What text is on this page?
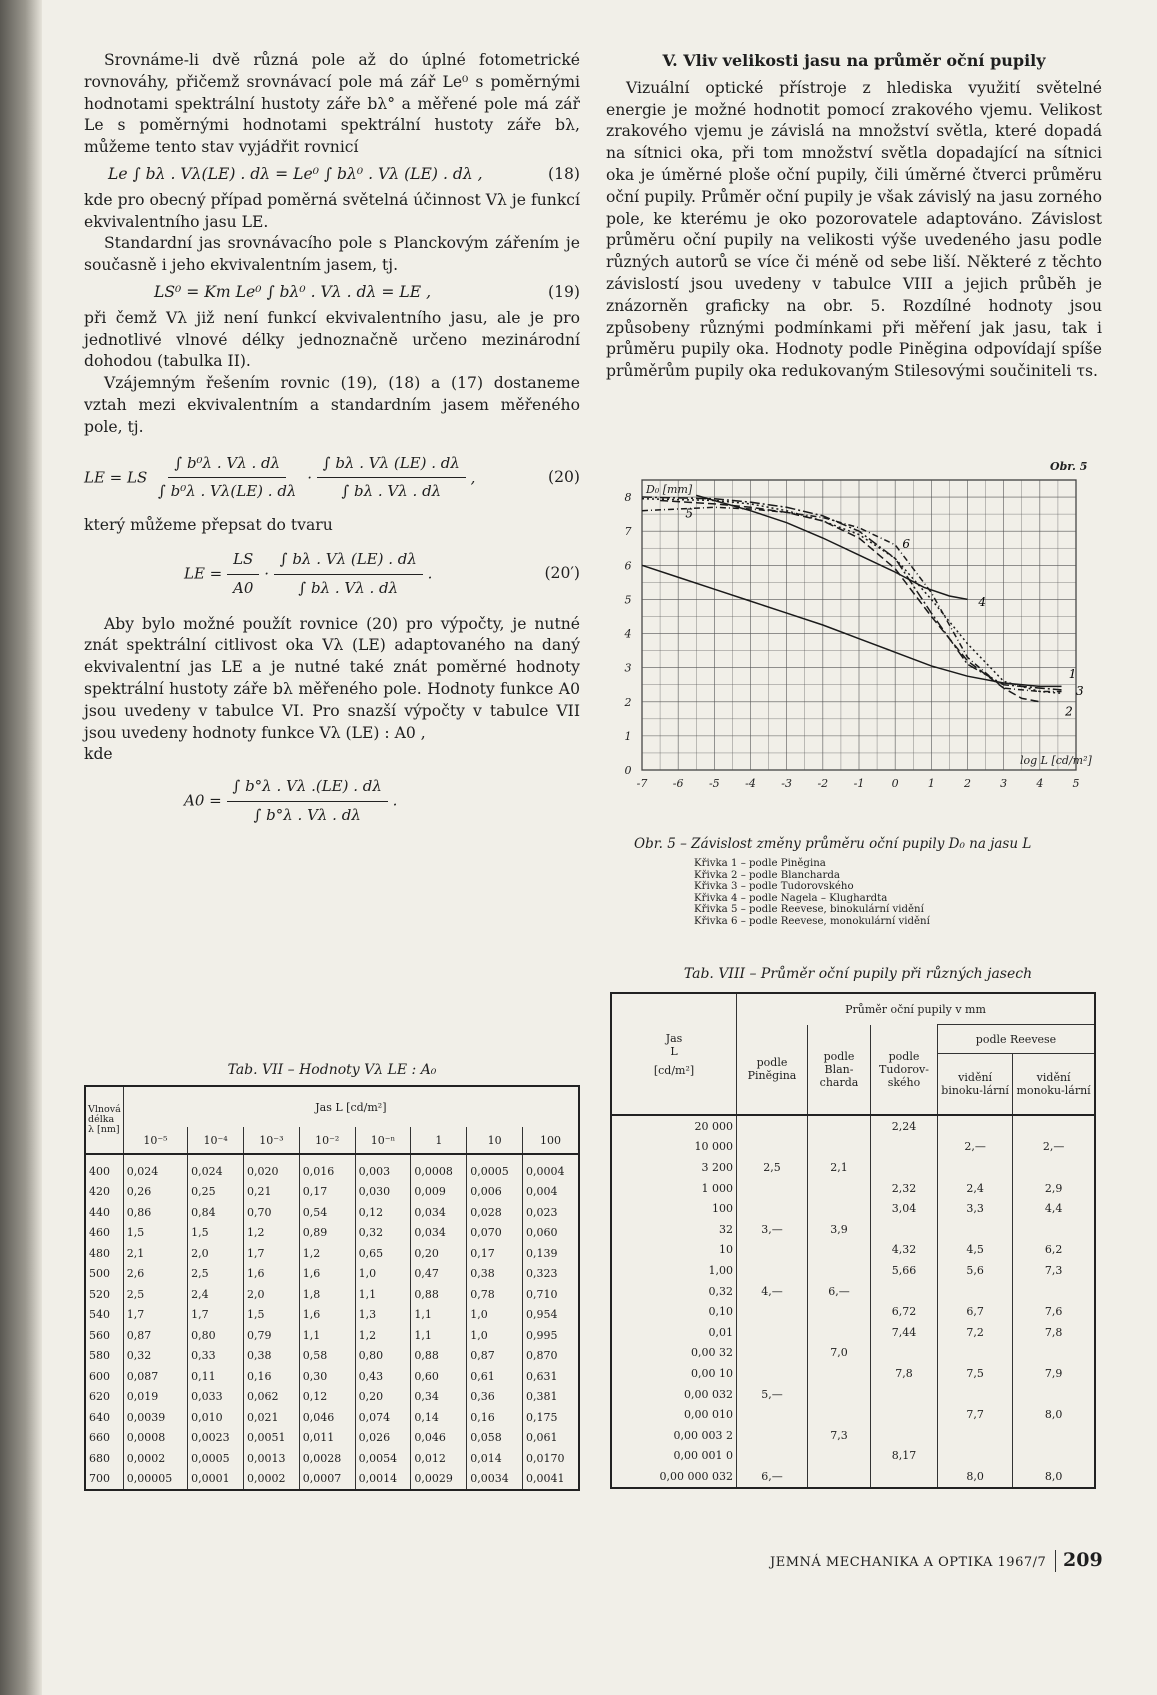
Srovnáme-li dvě různá pole až do úplné fotometrické rovnováhy, přičemž srovnávací pole má zář Le⁰ s poměrnými hodnotami spektrální hustoty záře bλ° a měřené pole má zář Le s poměrnými hodnotami spektrální hustoty záře bλ, můžeme tento stav vyjádřit rovnicí

Le ∫ bλ . Vλ(LE) . dλ = Le⁰ ∫ bλ⁰ . Vλ (LE) . dλ ,	(18)

kde pro obecný případ poměrná světelná účinnost Vλ je funkcí ekvivalentního jasu LE.

Standardní jas srovnávacího pole s Planckovým zářením je současně i jeho ekvivalentním jasem, tj.

LS⁰ = Km Le⁰ ∫ bλ⁰ . Vλ . dλ = LE ,	(19)

při čemž Vλ již není funkcí ekvivalentního jasu, ale je pro jednotlivé vlnové délky jednoznačně určeno mezinárodní dohodou (tabulka II).

Vzájemným řešením rovnic (19), (18) a (17) dostaneme vztah mezi ekvivalentním a standardním jasem měřeného pole, tj.

LE = LS $\frac{\text{∫ b⁰λ . Vλ . dλ}}{\text{∫ b⁰λ . Vλ(LE) . dλ}} \cdot \frac{\int b\lambda . V\lambda (LE) . d\lambda}{\int b\lambda . V\lambda . d\lambda}$ ,	(20)

který můžeme přepsat do tvaru

LE = $\frac{LS}{A0} \cdot \frac{\int b\lambda . V\lambda (LE) . d\lambda}{\int b\lambda . V\lambda . d\lambda}$ .	(20′)

Aby bylo možné použít rovnice (20) pro výpočty, je nutné znát spektrální citlivost oka Vλ (LE) adaptovaného na daný ekvivalentní jas LE a je nutné také znát poměrné hodnoty spektrální hustoty záře bλ měřeného pole. Hodnoty funkce A0 jsou uvedeny v tabulce VI. Pro snazší výpočty v tabulce VII jsou uvedeny hodnoty funkce Vλ (LE) : A0 ,

kde

$A0 = \frac{\int b^\circ\lambda . V\lambda .(LE) . d\lambda}{\int b^\circ\lambda . V\lambda . d\lambda}$ .
Tab. VII – Hodnoty Vλ LE : A₀
Vlnová délka λ [nm]	Jas L [cd/m²]							
	10⁻⁵	10⁻⁴	10⁻³	10⁻²	10⁻ⁿ	1	10	100
400	0,024	0,024	0,020	0,016	0,003	0,0008	0,0005	0,0004
420	0,26	0,25	0,21	0,17	0,030	0,009	0,006	0,004
440	0,86	0,84	0,70	0,54	0,12	0,034	0,028	0,023
460	1,5	1,5	1,2	0,89	0,32	0,034	0,070	0,060
480	2,1	2,0	1,7	1,2	0,65	0,20	0,17	0,139
500	2,6	2,5	1,6	1,6	1,0	0,47	0,38	0,323
520	2,5	2,4	2,0	1,8	1,1	0,88	0,78	0,710
540	1,7	1,7	1,5	1,6	1,3	1,1	1,0	0,954
560	0,87	0,80	0,79	1,1	1,2	1,1	1,0	0,995
580	0,32	0,33	0,38	0,58	0,80	0,88	0,87	0,870
600	0,087	0,11	0,16	0,30	0,43	0,60	0,61	0,631
620	0,019	0,033	0,062	0,12	0,20	0,34	0,36	0,381
640	0,0039	0,010	0,021	0,046	0,074	0,14	0,16	0,175
660	0,0008	0,0023	0,0051	0,011	0,026	0,046	0,058	0,061
680	0,0002	0,0005	0,0013	0,0028	0,0054	0,012	0,014	0,0170
700	0,00005	0,0001	0,0002	0,0007	0,0014	0,0029	0,0034	0,0041
V. Vliv velikosti jasu na průměr oční pupily

Vizuální optické přístroje z hlediska využití světelné energie je možné hodnotit pomocí zrakového vjemu. Velikost zrakového vjemu je závislá na množství světla, které dopadá na sítnici oka, při tom množství světla dopadající na sítnici oka je úměrné ploše oční pupily, čili úměrné čtverci průměru oční pupily. Průměr oční pupily je však závislý na jasu zorného pole, ke kterému je oko pozorovatele adaptováno. Závislost průměru oční pupily na velikosti výše uvedeného jasu podle různých autorů se více či méně od sebe liší. Některé z těchto závislostí jsou uvedeny v tabulce VIII a jejich průběh je znázorněn graficky na obr. 5. Rozdílné hodnoty jsou způsobeny různými podmínkami při měření jak jasu, tak i průměru pupily oka. Hodnoty podle Piněgina odpovídají spíše průměrům pupily oka redukovaným Stilesovými součiniteli τs.

1
2
3
4
5
6
-7 -6 -5 -4 -3 -2 -1 0	1	2	3	4	5
0
1
2
3
4
5
6
7
8
D₀ [mm]
log L [cd/m²]
Obr. 5
Obr. 5 – Závislost změny průměru oční pupily D₀ na jasu L
Křivka 1 – podle Piněgina
Křivka 2 – podle Blancharda
Křivka 3 – podle Tudorovského
Křivka 4 – podle Nagela – Klughardta
Křivka 5 – podle Reevese, binokulární vidění
Křivka 6 – podle Reevese, monokulární vidění
Tab. VIII – Průměr oční pupily při různých jasech
Jas
L
[cd/m²]	Průměr oční pupily v mm				
	podle Pinĕgina	podle Blan-charda	podle Tudorov-ského	podle Reevese	
				vidění binoku-lární	vidění monoku-lární
20 000			2,24		
10 000				2,—	2,—
3 200	2,5	2,1			
1 000			2,32	2,4	2,9
100			3,04	3,3	4,4
32	3,—	3,9			
10			4,32	4,5	6,2
1,00			5,66	5,6	7,3
0,32	4,—	6,—			
0,10			6,72	6,7	7,6
0,01			7,44	7,2	7,8
0,00 32		7,0			
0,00 10			7,8	7,5	7,9
0,00 032	5,—				
0,00 010				7,7	8,0
0,00 003 2		7,3			
0,00 001 0			8,17		
0,00 000 032	6,—			8,0	8,0
JEMNÁ MECHANIKA A OPTIKA 1967/7 209
